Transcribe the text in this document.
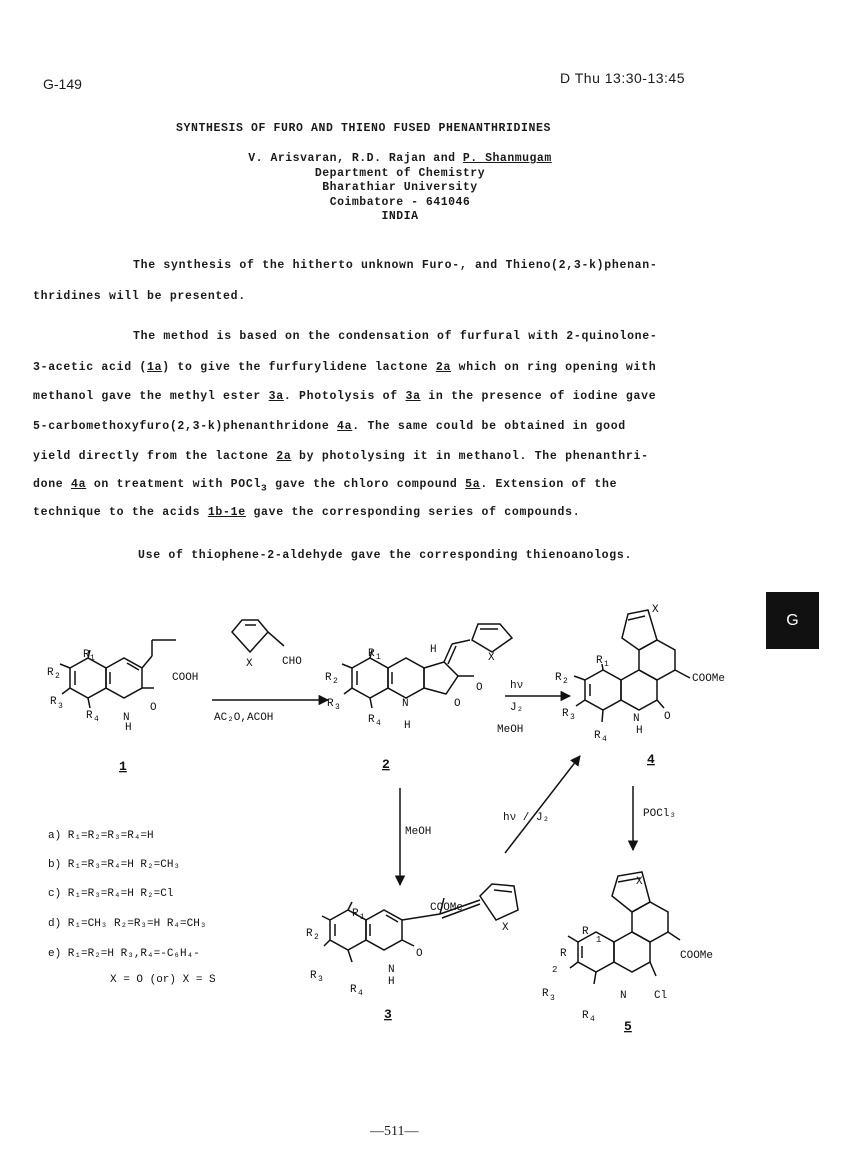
G-149	D Thu 13:30-13:45
SYNTHESIS OF FURO AND THIENO FUSED PHENANTHRIDINES
V. Arisvaran, R.D. Rajan and P. Shanmugam
Department of Chemistry
Bharathiar University
Coimbatore - 641046
INDIA
The synthesis of the hitherto unknown Furo-, and Thieno(2,3-k)phenan-
thridines will be presented.
The method is based on the condensation of furfural with 2-quinolone-
3-acetic acid (1a) to give the furfurylidene lactone 2a which on ring opening with
methanol gave the methyl ester 3a. Photolysis of 3a in the presence of iodine gave
5-carbomethoxyfuro(2,3-k)phenanthridone 4a. The same could be obtained in good
yield directly from the lactone 2a by photolysing it in methanol. The phenanthri-
done 4a on treatment with POCl$_3$ gave the chloro compound 5a. Extension of the
technique to the acids 1b-1e gave the corresponding series of compounds.
Use of thiophene-2-aldehyde gave the corresponding thienoanologs.
G
COOH
O
N
H
R 1
R 2
R 3
R 4
X	CHO
AC₂O,ACOH
R 1
R 2
R 3
R 4
N
H
O
O
H
X
hν
J₂
MeOH
R 1
R 2
R 3
R 4
N
H
O
COOMe
X
MeOH
hν / J₂	POCl₃
COOMe
X
R 1
R 2
R 3
R 4
N
H
O
X
COOMe
Cl
N
R
1
R
2
R 3
R 4
1	2	4
3
5
a) R₁=R₂=R₃=R₄=H
b) R₁=R₃=R₄=H R₂=CH₃
c) R₁=R₃=R₄=H R₂=Cl
d) R₁=CH₃ R₂=R₃=H R₄=CH₃
e) R₁=R₂=H R₃,R₄=-C₆H₄-
X = O (or) X = S
—511—
